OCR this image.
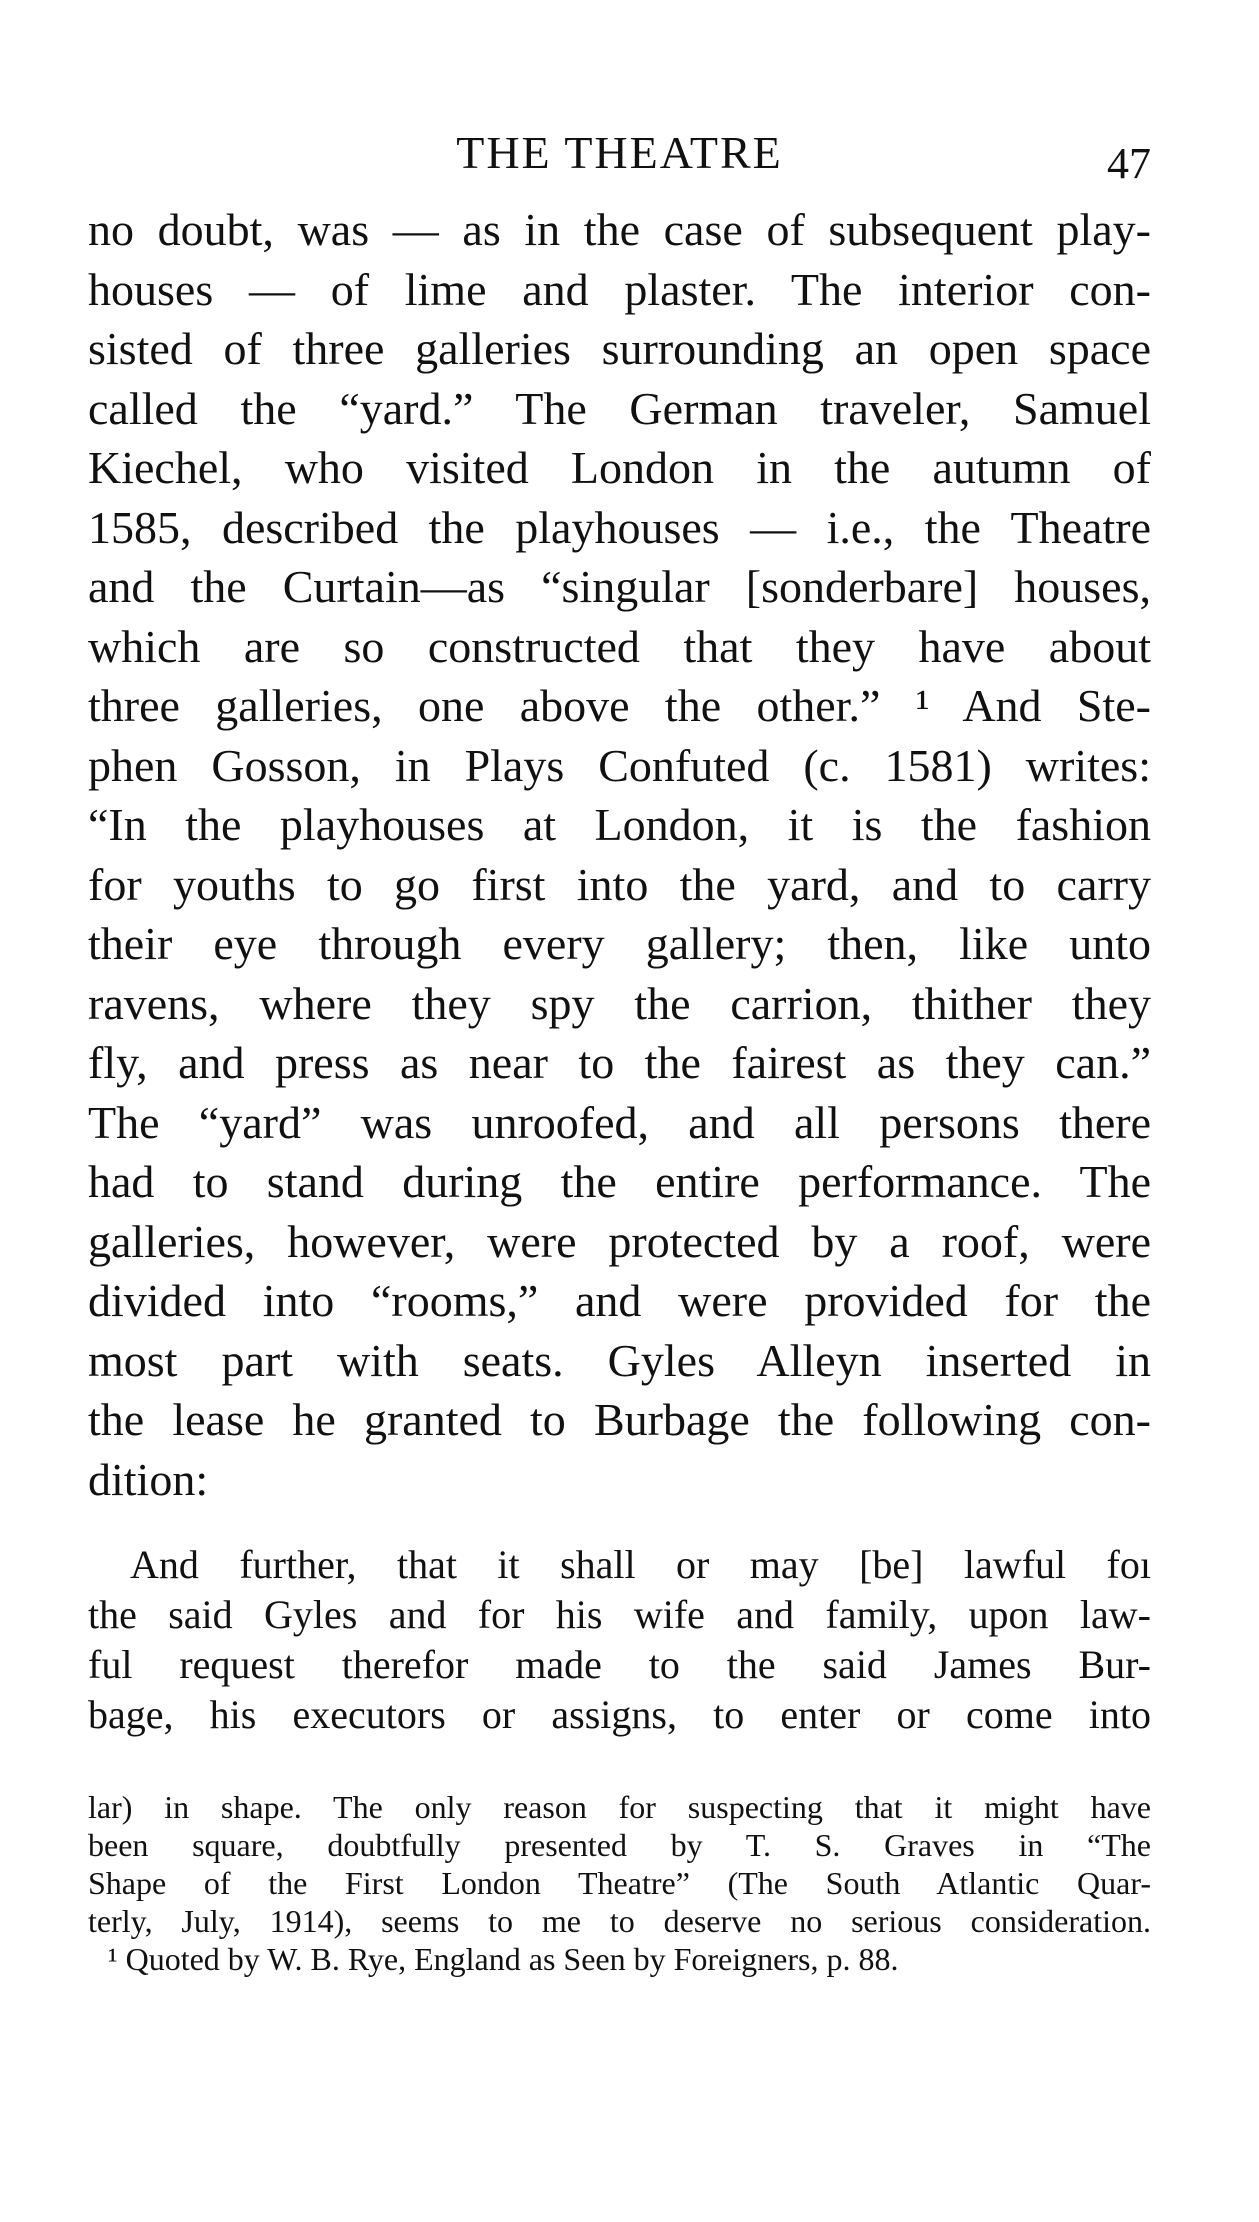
THE THEATRE	47
no doubt, was — as in the case of subsequent play-
houses — of lime and plaster. The interior con-
sisted of three galleries surrounding an open space
called the “yard.” The German traveler, Samuel
Kiechel, who visited London in the autumn of
1585, described the playhouses — i.e., the Theatre
and the Curtain—as “singular [sonderbare] houses,
which are so constructed that they have about
three galleries, one above the other.” ¹ And Ste-
phen Gosson, in Plays Confuted (c. 1581) writes:
“In the playhouses at London, it is the fashion
for youths to go first into the yard, and to carry
their eye through every gallery; then, like unto
ravens, where they spy the carrion, thither they
fly, and press as near to the fairest as they can.”
The “yard” was unroofed, and all persons there
had to stand during the entire performance. The
galleries, however, were protected by a roof, were
divided into “rooms,” and were provided for the
most part with seats. Gyles Alleyn inserted in
the lease he granted to Burbage the following con-
dition:
And further, that it shall or may [be] lawful foı
the said Gyles and for his wife and family, upon law-
ful request therefor made to the said James Bur-
bage, his executors or assigns, to enter or come into
lar) in shape. The only reason for suspecting that it might have
been square, doubtfully presented by T. S. Graves in “The
Shape of the First London Theatre” (The South Atlantic Quar-
terly, July, 1914), seems to me to deserve no serious consideration.
¹ Quoted by W. B. Rye, England as Seen by Foreigners, p. 88.
